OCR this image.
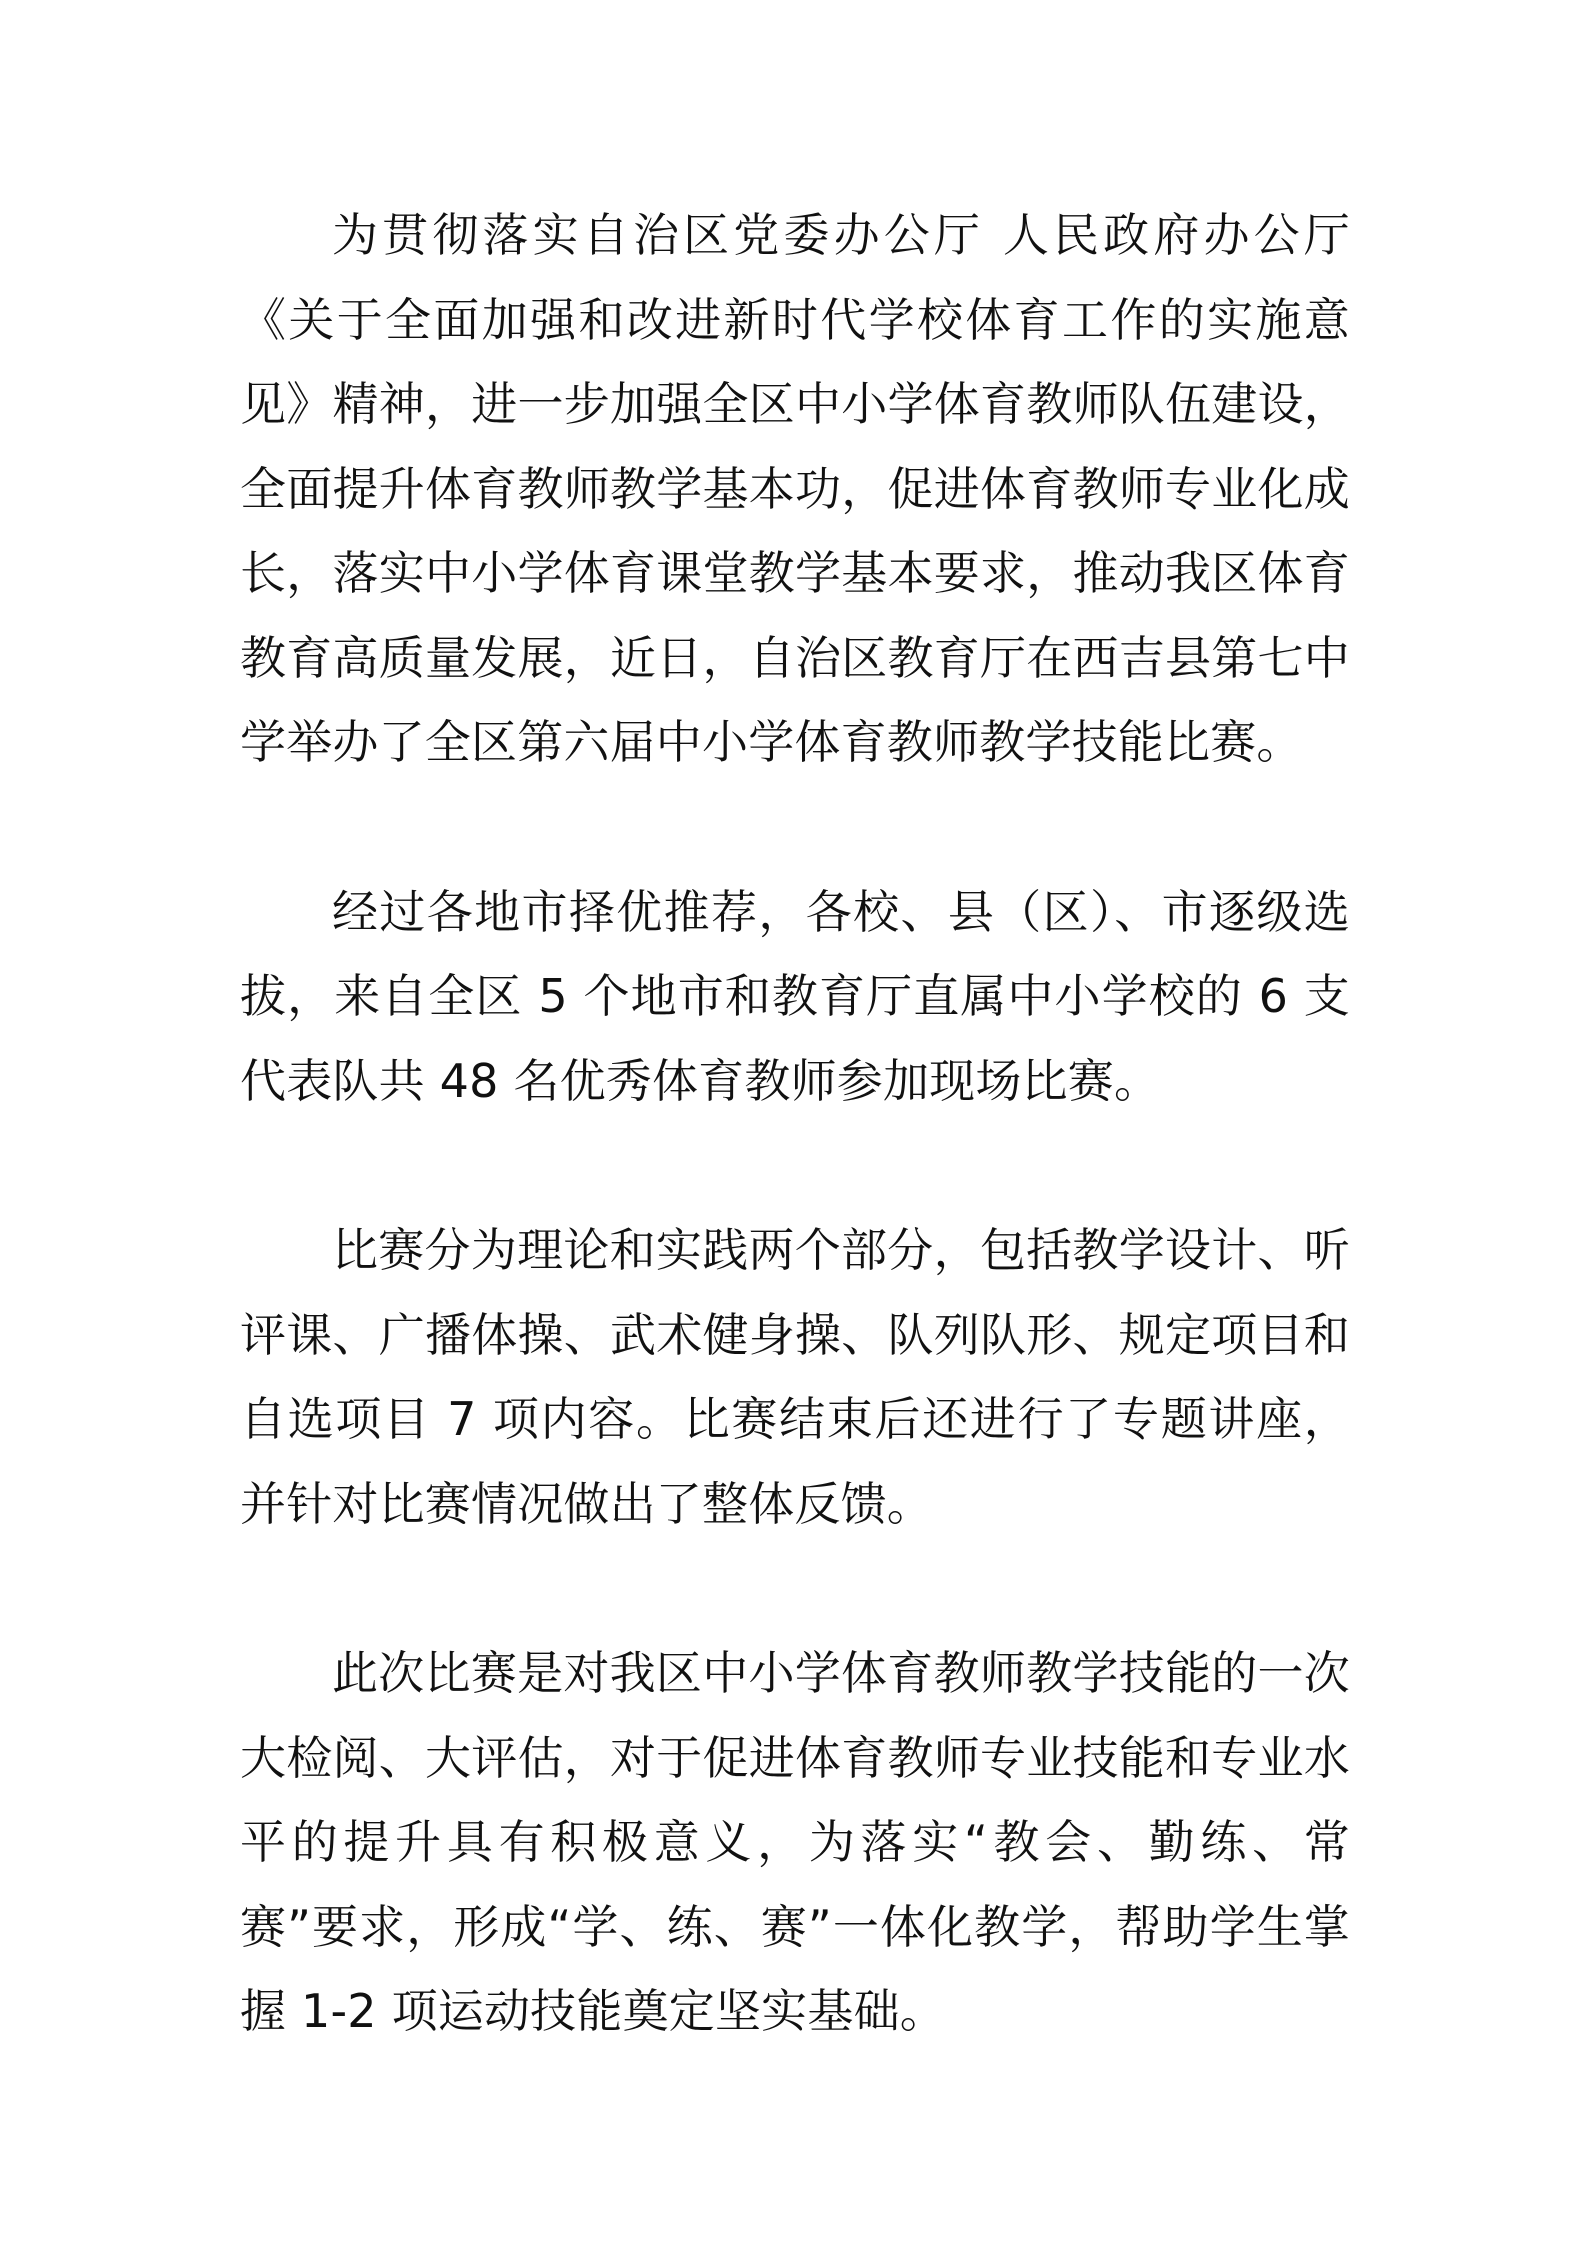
为贯彻落实自治区党委办公厅 人民政府办公厅《关于全面加强和改进新时代学校体育工作的实施意见》精神，进一步加强全区中小学体育教师队伍建设，全面提升体育教师教学基本功，促进体育教师专业化成长，落实中小学体育课堂教学基本要求，推动我区体育教育高质量发展，近日，自治区教育厅在西吉县第七中学举办了全区第六届中小学体育教师教学技能比赛。

经过各地市择优推荐，各校、县（区）、市逐级选拔，来自全区 5 个地市和教育厅直属中小学校的 6 支代表队共 48 名优秀体育教师参加现场比赛。

比赛分为理论和实践两个部分，包括教学设计、听评课、广播体操、武术健身操、队列队形、规定项目和自选项目 7 项内容。比赛结束后还进行了专题讲座，并针对比赛情况做出了整体反馈。

此次比赛是对我区中小学体育教师教学技能的一次大检阅、大评估，对于促进体育教师专业技能和专业水平的提升具有积极意义，为落实“教会、勤练、常赛”要求，形成“学、练、赛”一体化教学，帮助学生掌握 1-2 项运动技能奠定坚实基础。
